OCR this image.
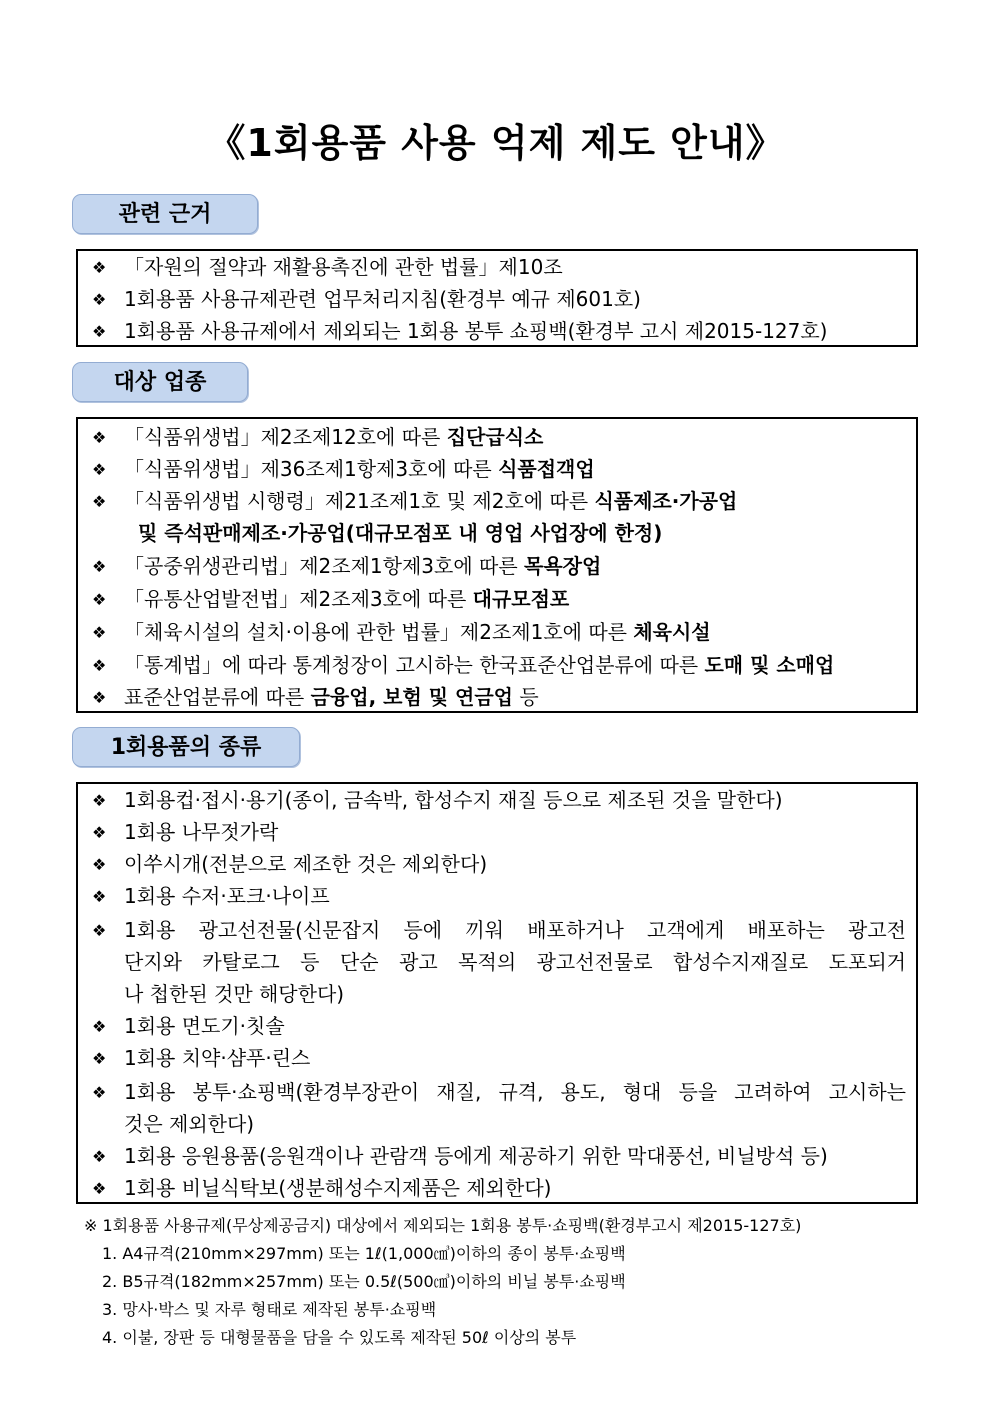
《1회용품 사용 억제 제도 안내》
관련 근거
❖ 「자원의 절약과 재활용촉진에 관한 법률」제10조
❖ 1회용품 사용규제관련 업무처리지침(환경부 예규 제601호)
❖ 1회용품 사용규제에서 제외되는 1회용 봉투 쇼핑백(환경부 고시 제2015-127호)
대상 업종
❖ 「식품위생법」제2조제12호에 따른 집단급식소
❖ 「식품위생법」제36조제1항제3호에 따른 식품접객업
❖ 「식품위생법 시행령」제21조제1호 및 제2호에 따른 식품제조·가공업
및 즉석판매제조·가공업(대규모점포 내 영업 사업장에 한정)
❖ 「공중위생관리법」제2조제1항제3호에 따른 목욕장업
❖ 「유통산업발전법」제2조제3호에 따른 대규모점포
❖ 「체육시설의 설치·이용에 관한 법률」제2조제1호에 따른 체육시설
❖ 「통계법」에 따라 통계청장이 고시하는 한국표준산업분류에 따른 도매 및 소매업
❖ 표준산업분류에 따른 금융업, 보험 및 연금업 등
1회용품의 종류
❖ 1회용컵·접시·용기(종이, 금속박, 합성수지 재질 등으로 제조된 것을 말한다)
❖ 1회용 나무젓가락
❖ 이쑤시개(전분으로 제조한 것은 제외한다)
❖ 1회용 수저·포크·나이프
❖ 1회용 광고선전물(신문잡지 등에 끼워 배포하거나 고객에게 배포하는 광고전
단지와 카탈로그 등 단순 광고 목적의 광고선전물로 합성수지재질로 도포되거
나 첩한된 것만 해당한다)
❖ 1회용 면도기·칫솔
❖ 1회용 치약·샴푸·린스
❖ 1회용 봉투·쇼핑백(환경부장관이 재질, 규격, 용도, 형대 등을 고려하여 고시하는
것은 제외한다)
❖ 1회용 응원용품(응원객이나 관람객 등에게 제공하기 위한 막대풍선, 비닐방석 등)
❖ 1회용 비닐식탁보(생분해성수지제품은 제외한다)
※ 1회용품 사용규제(무상제공금지) 대상에서 제외되는 1회용 봉투·쇼핑백(환경부고시 제2015-127호)
1. A4규격(210mm×297mm) 또는 1ℓ(1,000㎤)이하의 종이 봉투·쇼핑백
2. B5규격(182mm×257mm) 또는 0.5ℓ(500㎤)이하의 비닐 봉투·쇼핑백
3. 망사·박스 및 자루 형태로 제작된 봉투·쇼핑백
4. 이불, 장판 등 대형물품을 담을 수 있도록 제작된 50ℓ 이상의 봉투
